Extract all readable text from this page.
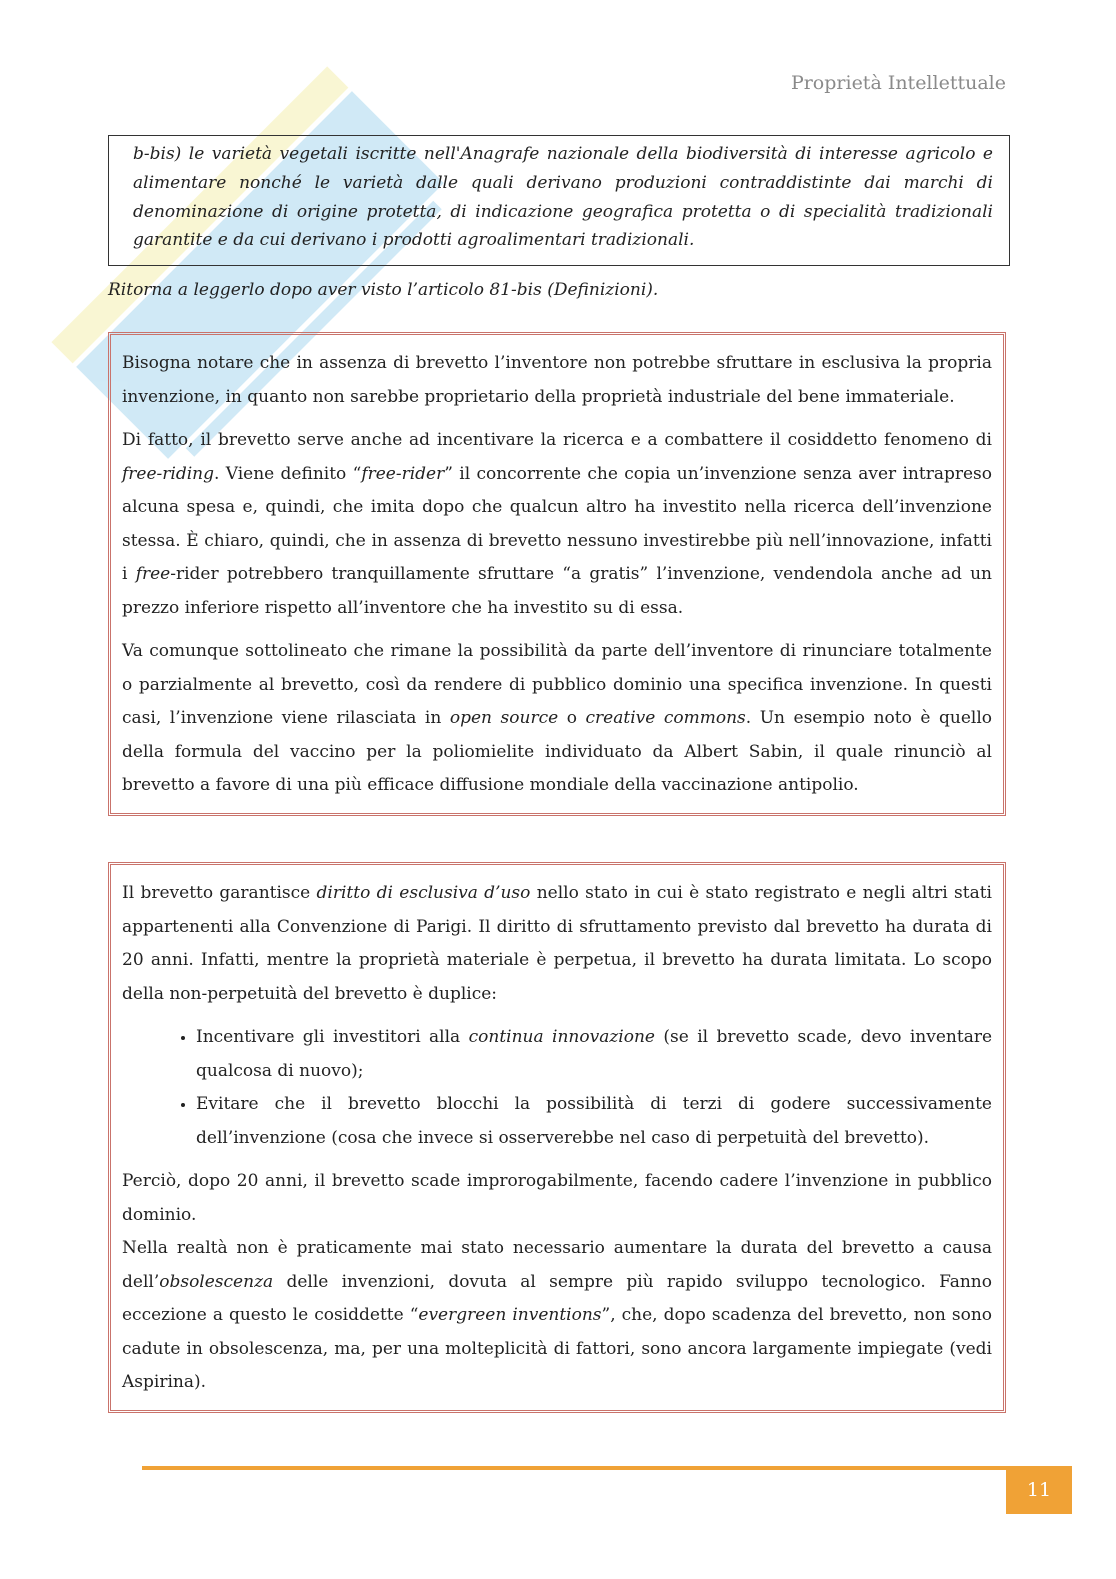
Proprietà Intellettuale
b-bis) le varietà vegetali iscritte nell'Anagrafe nazionale della biodiversità di interesse agricolo e alimentare nonché le varietà dalle quali derivano produzioni contraddistinte dai marchi di denominazione di origine protetta, di indicazione geografica protetta o di specialità tradizionali garantite e da cui derivano i prodotti agroalimentari tradizionali.
Ritorna a leggerlo dopo aver visto l’articolo 81-bis (Definizioni).

Bisogna notare che in assenza di brevetto l’inventore non potrebbe sfruttare in esclusiva la propria invenzione, in quanto non sarebbe proprietario della proprietà industriale del bene immateriale.

Di fatto, il brevetto serve anche ad incentivare la ricerca e a combattere il cosiddetto fenomeno di free-riding. Viene definito “free-rider” il concorrente che copia un’invenzione senza aver intrapreso alcuna spesa e, quindi, che imita dopo che qualcun altro ha investito nella ricerca dell’invenzione stessa. È chiaro, quindi, che in assenza di brevetto nessuno investirebbe più nell’innovazione, infatti i free-rider potrebbero tranquillamente sfruttare “a gratis” l’invenzione, vendendola anche ad un prezzo inferiore rispetto all’inventore che ha investito su di essa.

Va comunque sottolineato che rimane la possibilità da parte dell’inventore di rinunciare totalmente o parzialmente al brevetto, così da rendere di pubblico dominio una specifica invenzione. In questi casi, l’invenzione viene rilasciata in open source o creative commons. Un esempio noto è quello della formula del vaccino per la poliomielite individuato da Albert Sabin, il quale rinunciò al brevetto a favore di una più efficace diffusione mondiale della vaccinazione antipolio.

Il brevetto garantisce diritto di esclusiva d’uso nello stato in cui è stato registrato e negli altri stati appartenenti alla Convenzione di Parigi. Il diritto di sfruttamento previsto dal brevetto ha durata di 20 anni. Infatti, mentre la proprietà materiale è perpetua, il brevetto ha durata limitata. Lo scopo della non-perpetuità del brevetto è duplice:

• Incentivare gli investitori alla continua innovazione (se il brevetto scade, devo inventare qualcosa di nuovo);
• Evitare che il brevetto blocchi la possibilità di terzi di godere successivamente dell’invenzione (cosa che invece si osserverebbe nel caso di perpetuità del brevetto).

Perciò, dopo 20 anni, il brevetto scade improrogabilmente, facendo cadere l’invenzione in pubblico dominio.

Nella realtà non è praticamente mai stato necessario aumentare la durata del brevetto a causa dell’obsolescenza delle invenzioni, dovuta al sempre più rapido sviluppo tecnologico. Fanno eccezione a questo le cosiddette “evergreen inventions”, che, dopo scadenza del brevetto, non sono cadute in obsolescenza, ma, per una molteplicità di fattori, sono ancora largamente impiegate (vedi Aspirina).

11
